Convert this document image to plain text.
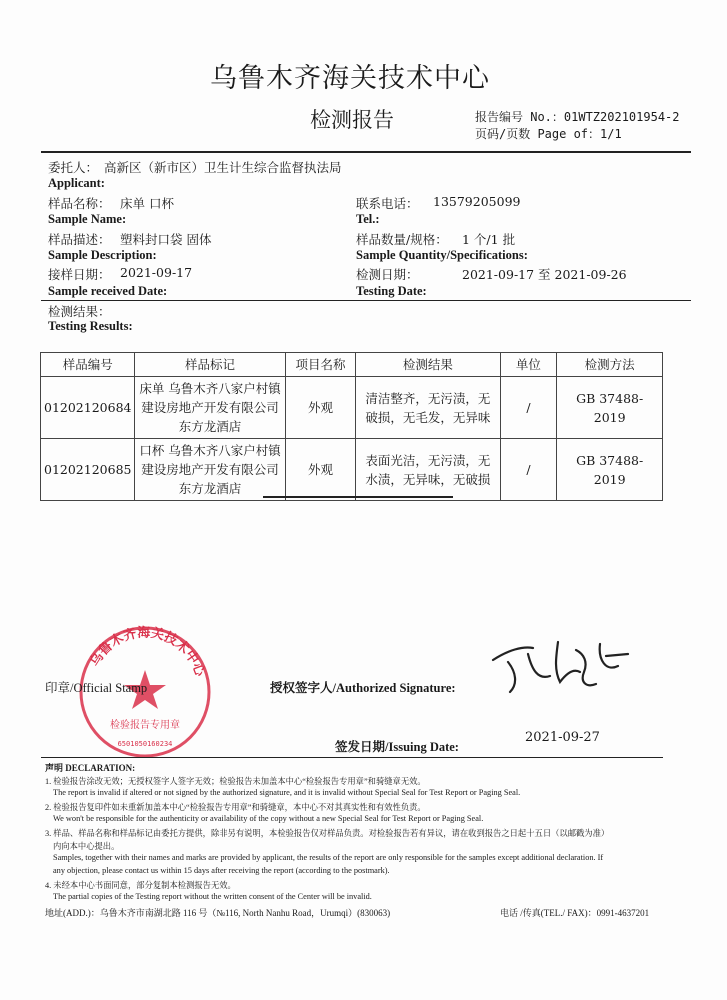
乌鲁木齐海关技术中心
检测报告	报告编号 No.：01WTZ202101954-2
页码/页数 Page of：1/1
委托人： 高新区（新市区）卫生计生综合监督执法局
Applicant:
样品名称： 床单 口杯
Sample Name:
联系电话： 13579205099
Tel.:
样品描述： 塑料封口袋 固体
Sample Description:
样品数量/规格： 1 个/1 批
Sample Quantity/Specifications:
接样日期： 2021-09-17
Sample received Date:
检测日期：	2021-09-17 至 2021-09-26
Testing Date:
检测结果：
Testing Results:
样品编号	样品标记	项目名称	检测结果	单位	检测方法
01202120684	床单 乌鲁木齐八家户村镇建设房地产开发有限公司东方龙酒店	外观	清洁整齐，无污渍，无破损，无毛发，无异味	/	GB 37488-2019
01202120685	口杯 乌鲁木齐八家户村镇建设房地产开发有限公司东方龙酒店	外观	表面光洁，无污渍，无水渍，无异味，无破损	/	GB 37488-2019
乌鲁木齐海关技术中心
检验报告专用章
6501050160234
印章/Official Stamp	授权签字人/Authorized Signature:
2021-09-27
签发日期/Issuing Date:
声明 DECLARATION:
1. 检验报告涂改无效；无授权签字人签字无效；检验报告未加盖本中心“检验报告专用章”和骑缝章无效。
The report is invalid if altered or not signed by the authorized signature, and it is invalid without Special Seal for Test Report or Paging Seal.
2. 检验报告复印件如未重新加盖本中心“检验报告专用章”和骑缝章，本中心不对其真实性和有效性负责。
We won't be responsible for the authenticity or availability of the copy without a new Special Seal for Test Report or Paging Seal.
3. 样品、样品名称和样品标记由委托方提供，除非另有说明，本检验报告仅对样品负责。对检验报告若有异议，请在收到报告之日起十五日（以邮戳为准）
内向本中心提出。
Samples, together with their names and marks are provided by applicant, the results of the report are only responsible for the samples except additional declaration. If
any objection, please contact us within 15 days after receiving the report (according to the postmark).
4. 未经本中心书面同意，部分复制本检测报告无效。
The partial copies of the Testing report without the written consent of the Center will be invalid.
地址(ADD.)：乌鲁木齐市南湖北路 116 号（№116, North Nanhu Road，Urumqi）(830063)	电话 /传真(TEL./ FAX)：0991-4637201
